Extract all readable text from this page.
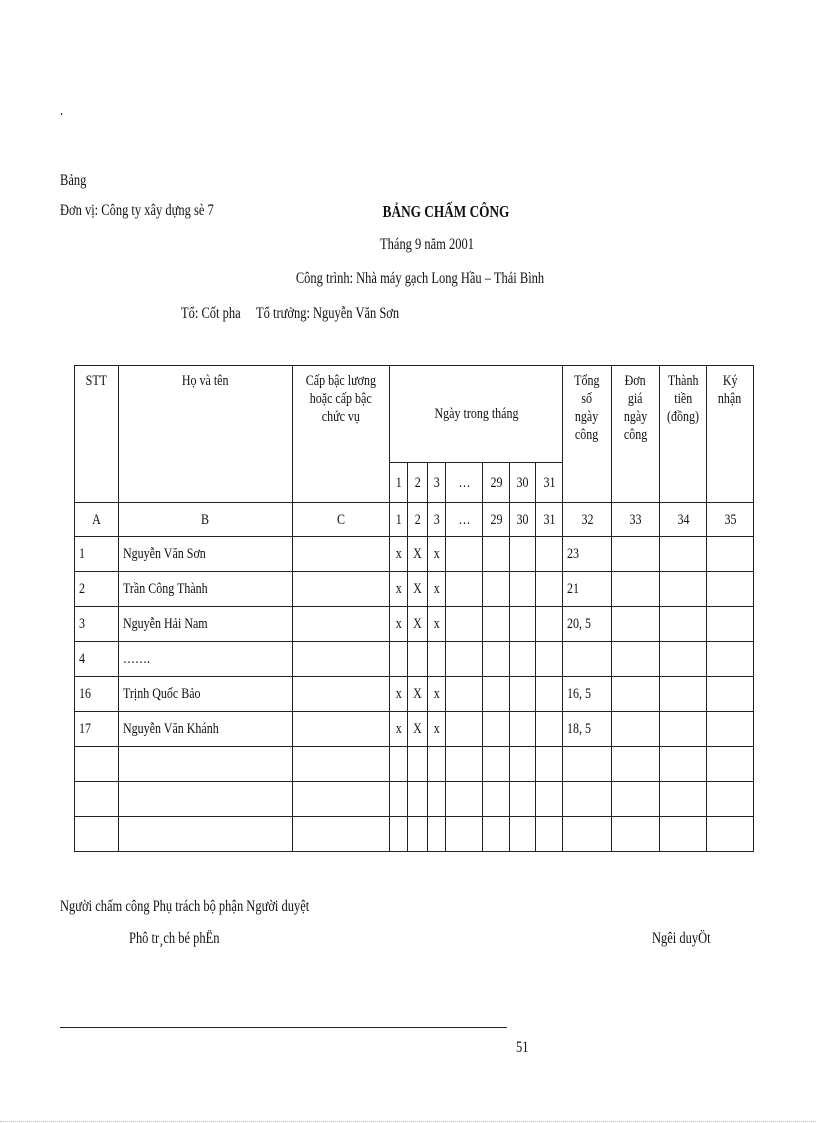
.
Bảng
Đơn vị: Công ty xây dựng sè 7	BẢNG CHẤM CÔNG
Tháng 9 năm 2001
Công trình: Nhà máy gạch Long Hầu – Thái Bình
Tổ: Cốt pha     Tổ trưởng: Nguyễn Văn Sơn
STT	Họ và tên	Cấp bậc lương
hoặc cấp bậc
chức vụ	Ngày trong tháng							Tổng
số
ngày
công	Đơn
giá
ngày
công	Thành
tiền
(đồng)	Ký
nhận
			1	2	3	…	29	30	31				
A	B	C	1	2	3	…	29	30	31	32	33	34	35
1	Nguyễn Văn Sơn		x	X	x					23			
2	Trần Công Thành		x	X	x					21			
3	Nguyễn Hải Nam		x	X	x					20, 5			
4	…….												
16	Trịnh Quốc Bảo		x	X	x					16, 5			
17	Nguyễn Văn Khánh		x	X	x					18, 5			

Người chấm công Phụ trách bộ phận Người duyệt
Phô tr¸ch bé phËn	Ngêi duyÖt
51
